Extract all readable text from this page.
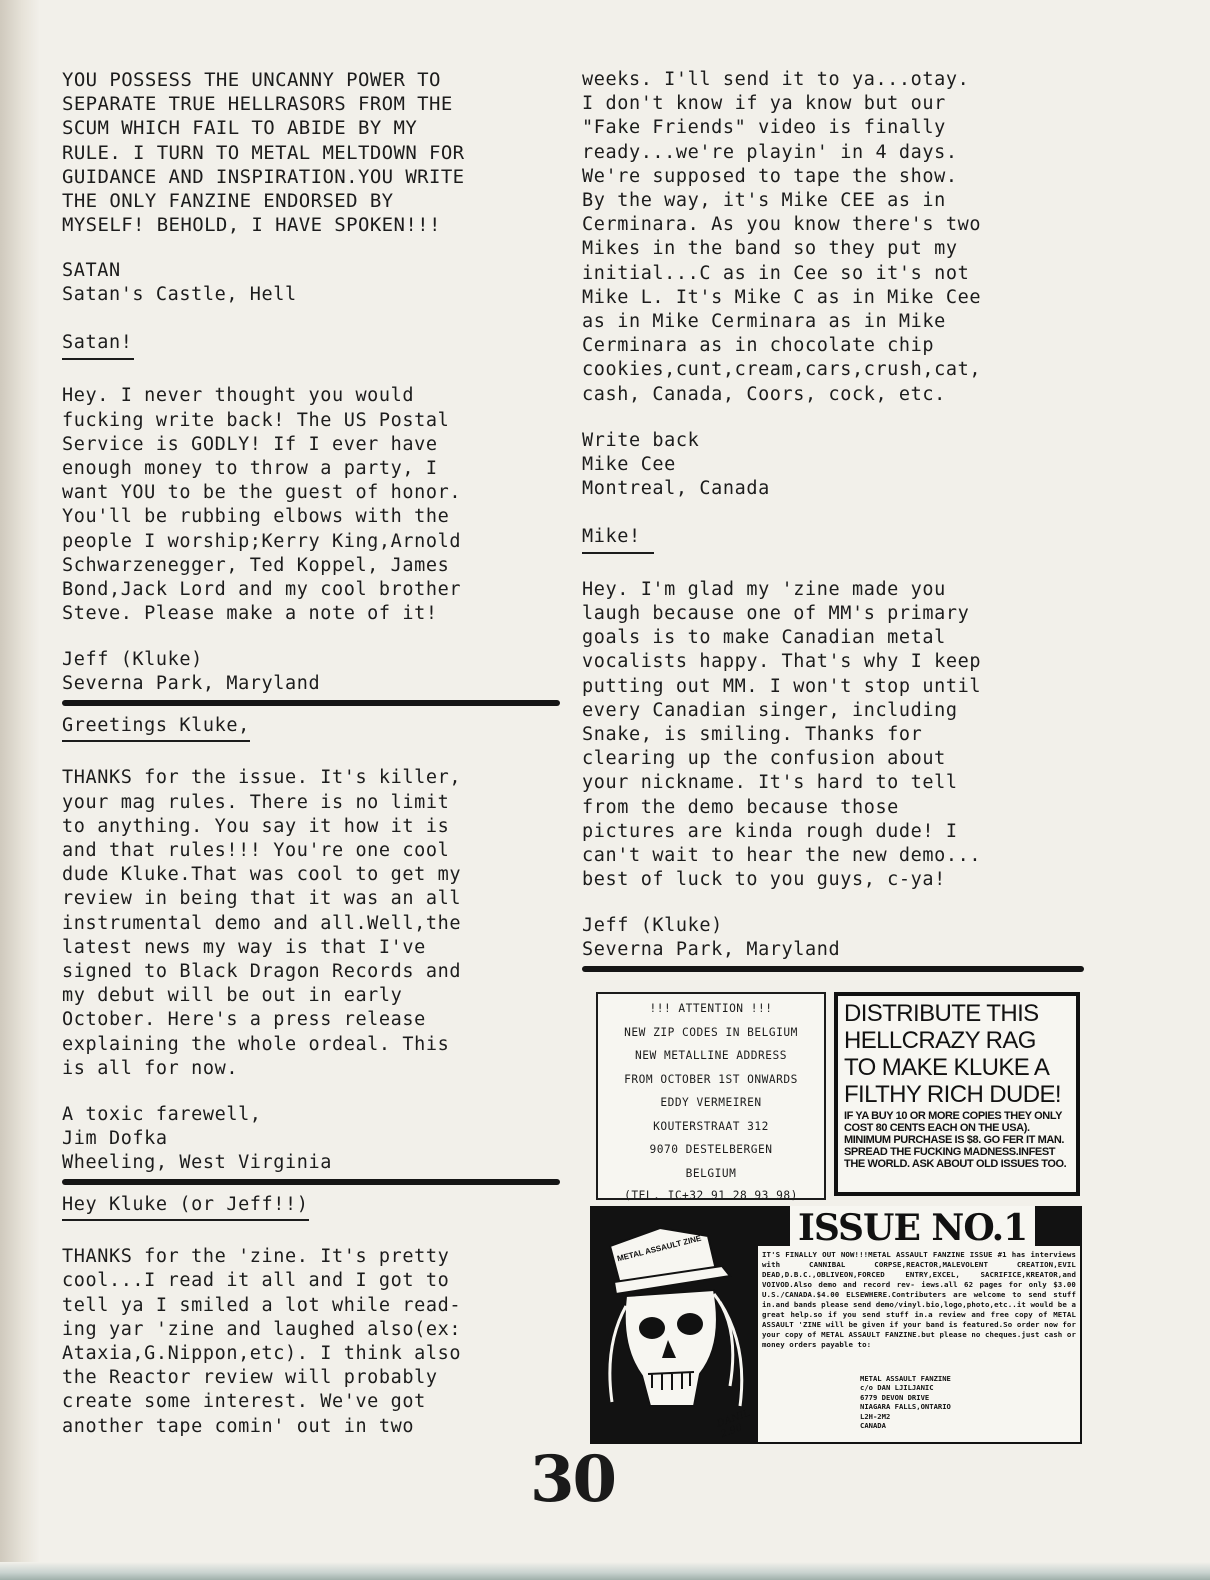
YOU POSSESS THE UNCANNY POWER TO
SEPARATE TRUE HELLRASORS FROM THE
SCUM WHICH FAIL TO ABIDE BY MY
RULE. I TURN TO METAL MELTDOWN FOR
GUIDANCE AND INSPIRATION.YOU WRITE
THE ONLY FANZINE ENDORSED BY
MYSELF! BEHOLD, I HAVE SPOKEN!!!
SATAN
Satan's Castle, Hell
Satan!
Hey. I never thought you would
fucking write back! The US Postal
Service is GODLY! If I ever have
enough money to throw a party, I
want YOU to be the guest of honor.
You'll be rubbing elbows with the
people I worship;Kerry King,Arnold
Schwarzenegger, Ted Koppel, James
Bond,Jack Lord and my cool brother
Steve. Please make a note of it!
Jeff (Kluke)
Severna Park, Maryland
Greetings Kluke,
THANKS for the issue. It's killer,
your mag rules. There is no limit
to anything. You say it how it is
and that rules!!! You're one cool
dude Kluke.That was cool to get my
review in being that it was an all
instrumental demo and all.Well,the
latest news my way is that I've
signed to Black Dragon Records and
my debut will be out in early
October. Here's a press release
explaining the whole ordeal. This
is all for now.
A toxic farewell,
Jim Dofka
Wheeling, West Virginia
Hey Kluke (or Jeff!!)
THANKS for the 'zine. It's pretty
cool...I read it all and I got to
tell ya I smiled a lot while read-
ing yar 'zine and laughed also(ex:
Ataxia,G.Nippon,etc). I think also
the Reactor review will probably
create some interest. We've got
another tape comin' out in two
weeks. I'll send it to ya...otay.
I don't know if ya know but our
"Fake Friends" video is finally
ready...we're playin' in 4 days.
We're supposed to tape the show.
By the way, it's Mike CEE as in
Cerminara. As you know there's two
Mikes in the band so they put my
initial...C as in Cee so it's not
Mike L. It's Mike C as in Mike Cee
as in Mike Cerminara as in Mike
Cerminara as in chocolate chip
cookies,cunt,cream,cars,crush,cat,
cash, Canada, Coors, cock, etc.
Write back
Mike Cee
Montreal, Canada
Mike!
Hey. I'm glad my 'zine made you
laugh because one of MM's primary
goals is to make Canadian metal
vocalists happy. That's why I keep
putting out MM. I won't stop until
every Canadian singer, including
Snake, is smiling. Thanks for
clearing up the confusion about
your nickname. It's hard to tell
from the demo because those
pictures are kinda rough dude! I
can't wait to hear the new demo...
best of luck to you guys, c-ya!
Jeff (Kluke)
Severna Park, Maryland
!!! ATTENTION !!!
NEW ZIP CODES IN BELGIUM
NEW METALLINE ADDRESS
FROM OCTOBER 1ST ONWARDS
EDDY VERMEIREN
KOUTERSTRAAT 312
9070 DESTELBERGEN
BELGIUM
(TEL. IC+32 91 28 93 98)
DISTRIBUTE THIS
HELLCRAZY RAG
TO MAKE KLUKE A
FILTHY RICH DUDE!
IF YA BUY 10 OR MORE COPIES THEY ONLY COST 80 CENTS EACH ON THE USA). MINIMUM PURCHASE IS $8. GO FER IT MAN. SPREAD THE FUCKING MADNESS.INFEST THE WORLD. ASK ABOUT OLD ISSUES TOO.
METAL ASSAULT ZINE
DANIL 2.90
ISSUE NO.1
IT'S FINALLY OUT NOW!!!METAL ASSAULT FANZINE ISSUE #1 has interviews with CANNIBAL CORPSE,REACTOR,MALEVOLENT CREATION,EVIL DEAD,D.B.C.,OBLIVEON,FORCED ENTRY,EXCEL, SACRIFICE,KREATOR,and VOIVOD.Also demo and record rev- iews.all 62 pages for only $3.00 U.S./CANADA.$4.00 ELSEWHERE.Contributers are welcome to send stuff in.and bands please send demo/vinyl.bio,logo,photo,etc..it would be a great help.so if you send stuff in.a review and free copy of METAL ASSAULT 'ZINE will be given if your band is featured.So order now for your copy of METAL ASSAULT FANZINE.but please no cheques.just cash or money orders payable to:
METAL ASSAULT FANZINE
c/o DAN LJILJANIC
6779 DEVON DRIVE
NIAGARA FALLS,ONTARIO
L2H-2M2
CANADA
30
